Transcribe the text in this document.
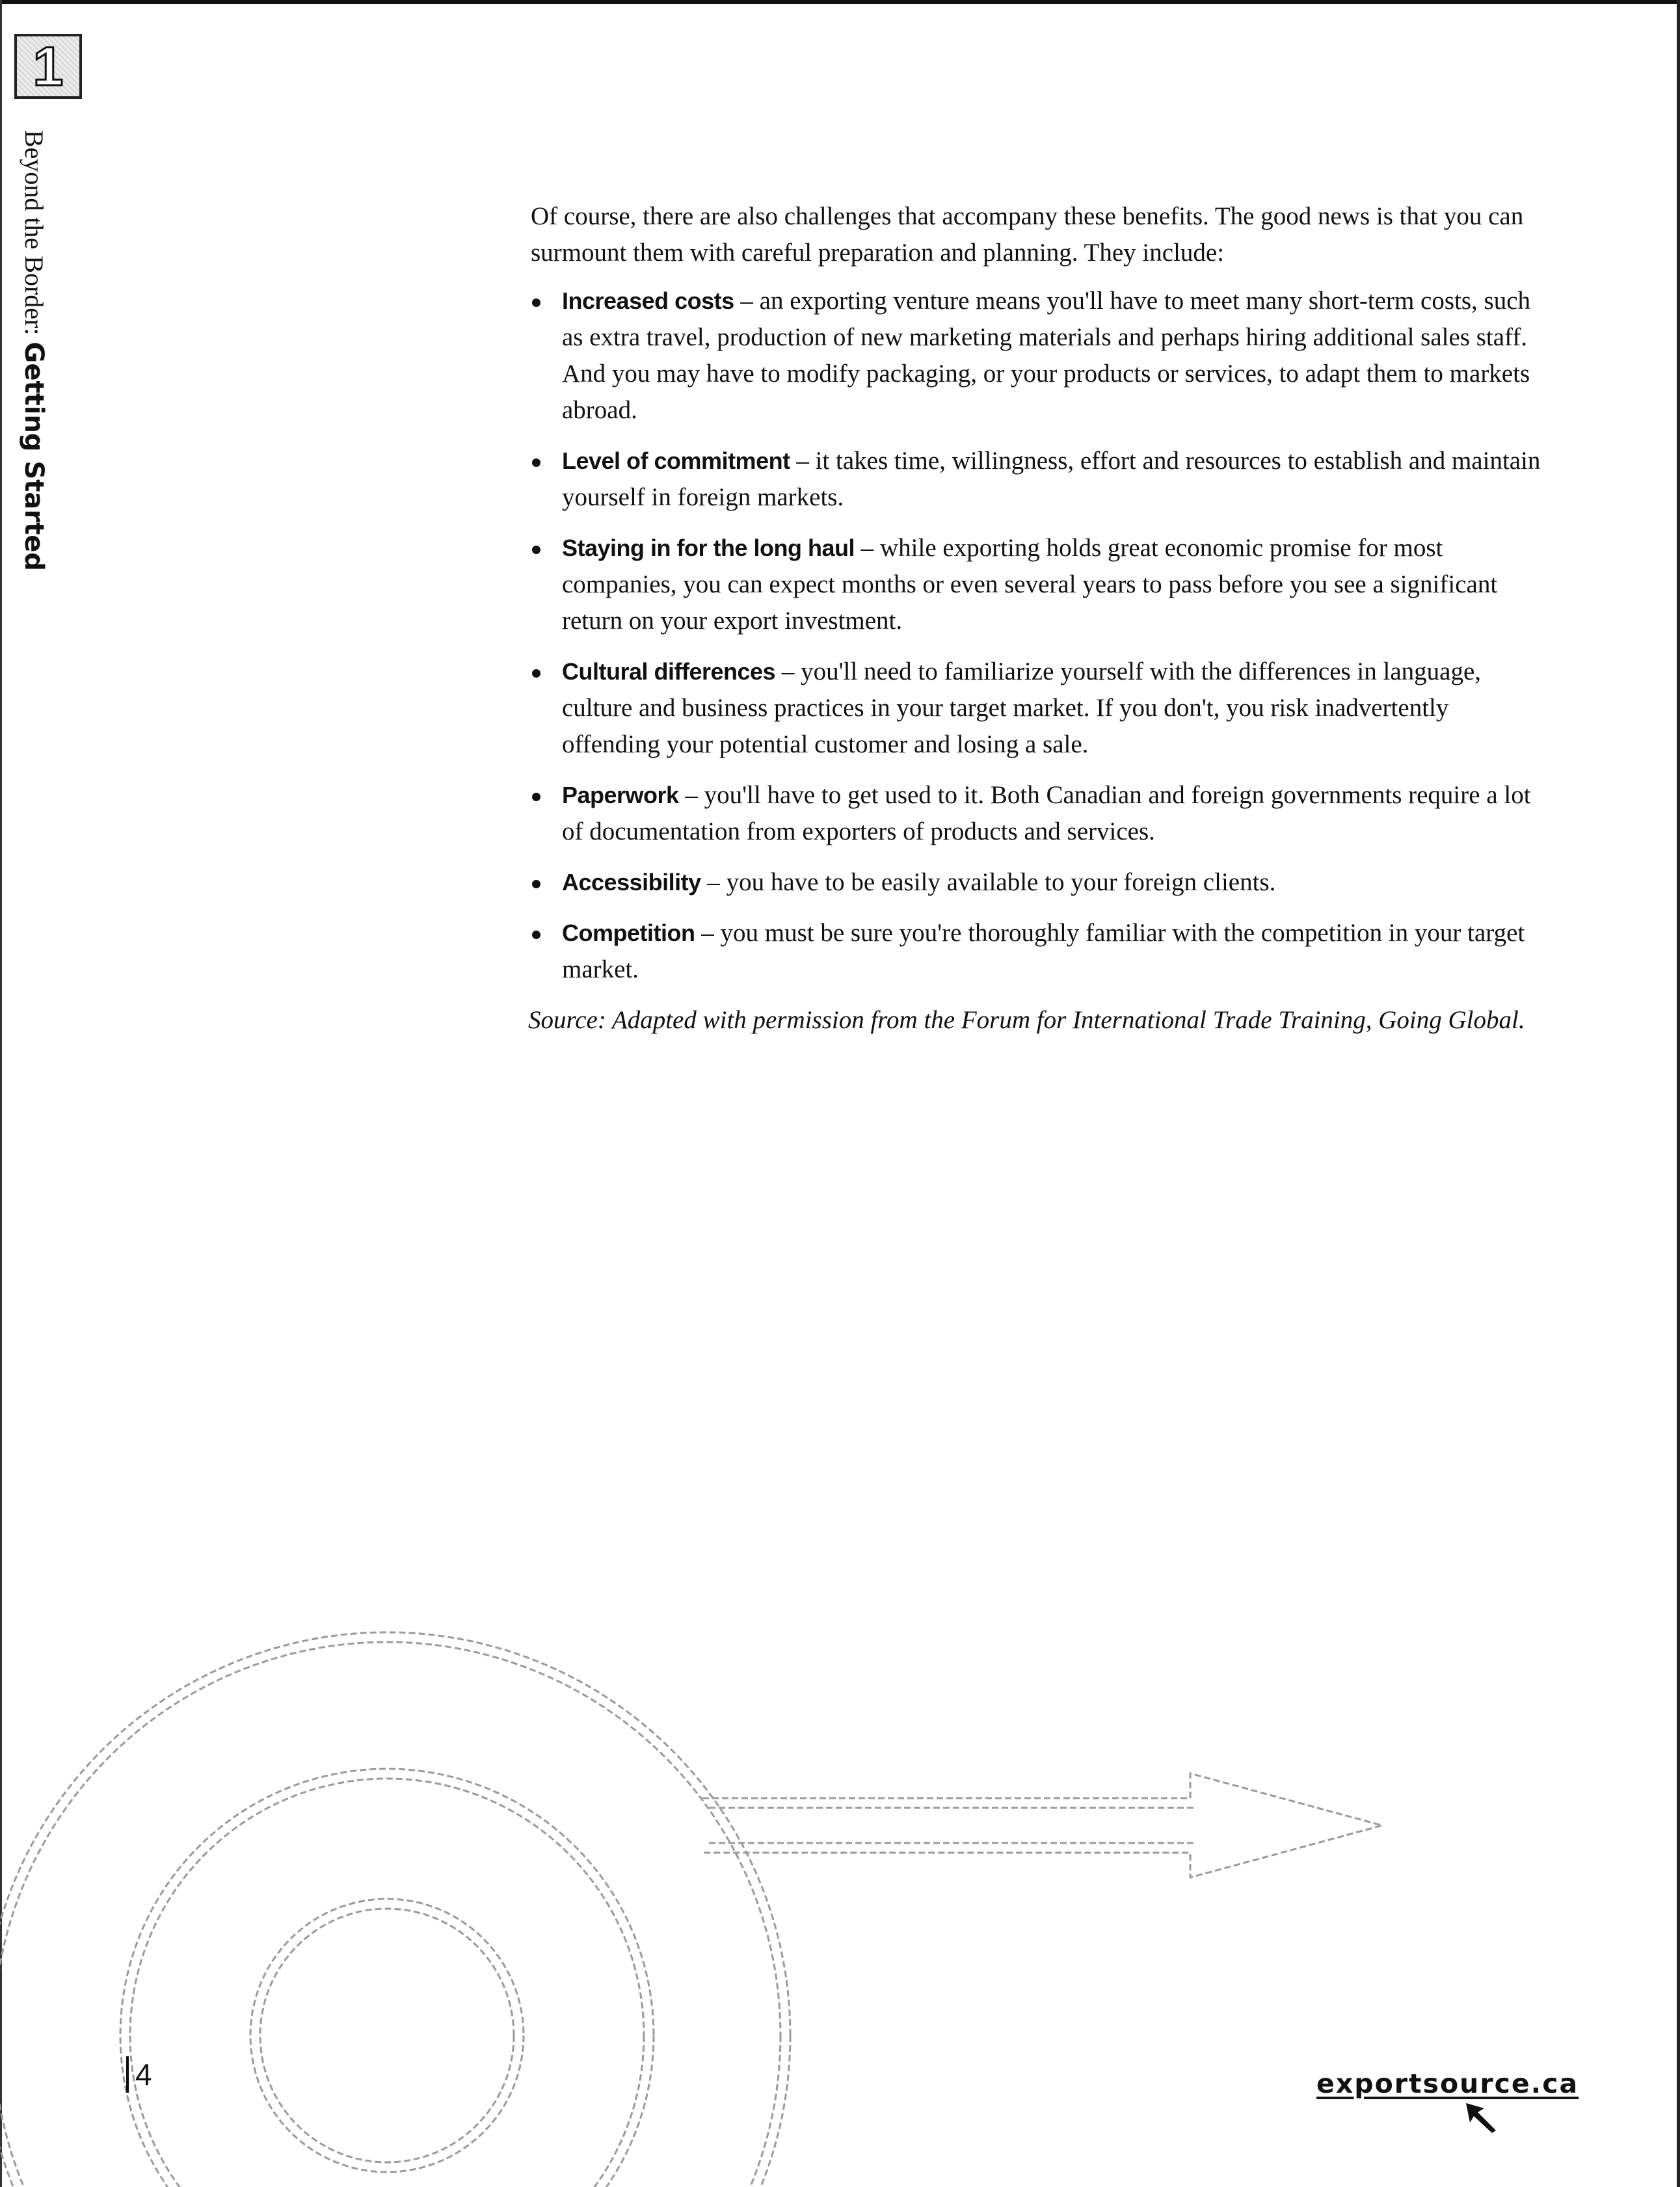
1
Beyond the Border: Getting Started

Of course, there are also challenges that accompany these benefits. The good news is that you can surmount them with careful preparation and planning. They include:

Increased costs – an exporting venture means you'll have to meet many short-term costs, such as extra travel, production of new marketing materials and perhaps hiring additional sales staff. And you may have to modify packaging, or your products or services, to adapt them to markets abroad.
Level of commitment – it takes time, willingness, effort and resources to establish and maintain yourself in foreign markets.
Staying in for the long haul – while exporting holds great economic promise for most companies, you can expect months or even several years to pass before you see a significant return on your export investment.
Cultural differences – you'll need to familiarize yourself with the differences in language, culture and business practices in your target market. If you don't, you risk inadvertently offending your potential customer and losing a sale.
Paperwork – you'll have to get used to it. Both Canadian and foreign governments require a lot of documentation from exporters of products and services.
Accessibility – you have to be easily available to your foreign clients.
Competition – you must be sure you're thoroughly familiar with the competition in your target market.

Source: Adapted with permission from the Forum for International Trade Training, Going Global.

4	exportsource.ca
